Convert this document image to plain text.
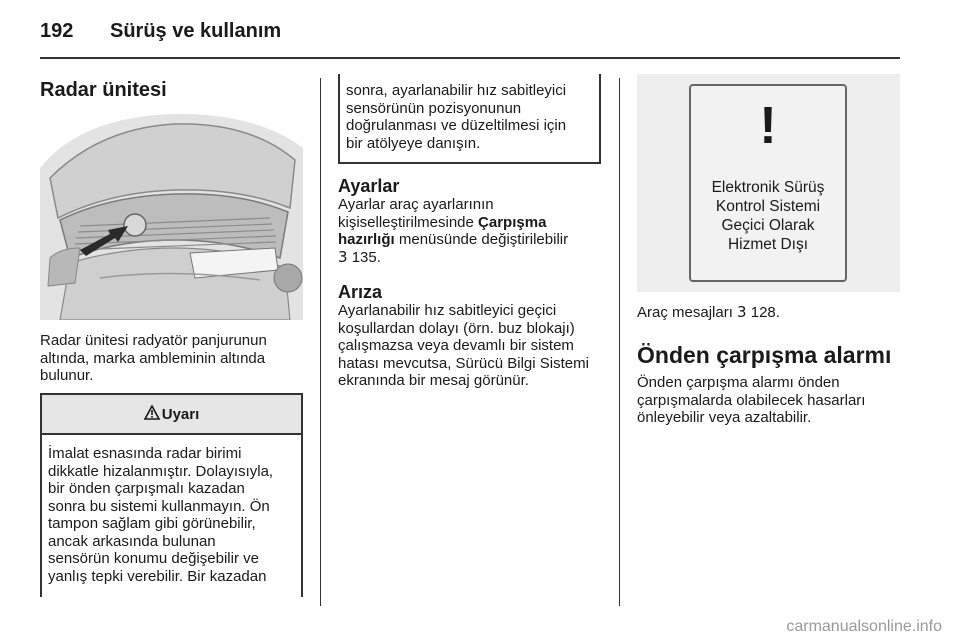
192 Sürüş ve kullanım
Radar ünitesi
Radar ünitesi radyatör panjurunun
altında, marka ambleminin altında
bulunur.
Uyarı
İmalat esnasında radar birimi
dikkatle hizalanmıştır. Dolayısıyla,
bir önden çarpışmalı kazadan
sonra bu sistemi kullanmayın. Ön
tampon sağlam gibi görünebilir,
ancak arkasında bulunan
sensörün konumu değişebilir ve
yanlış tepki verebilir. Bir kazadan
sonra, ayarlanabilir hız sabitleyici
sensörünün pozisyonunun
doğrulanması ve düzeltilmesi için
bir atölyeye danışın.
Ayarlar
Ayarlar araç ayarlarının
kişiselleştirilmesinde Çarpışma
hazırlığı menüsünde değiştirilebilir
3 135.
Arıza
Ayarlanabilir hız sabitleyici geçici
koşullardan dolayı (örn. buz blokajı)
çalışmazsa veya devamlı bir sistem
hatası mevcutsa, Sürücü Bilgi Sistemi
ekranında bir mesaj görünür.
!
Elektronik Sürüş
Kontrol Sistemi
Geçici Olarak
Hizmet Dışı
Araç mesajları 3 128.
Önden çarpışma alarmı
Önden çarpışma alarmı önden
çarpışmalarda olabilecek hasarları
önleyebilir veya azaltabilir.
carmanualsonline.info
